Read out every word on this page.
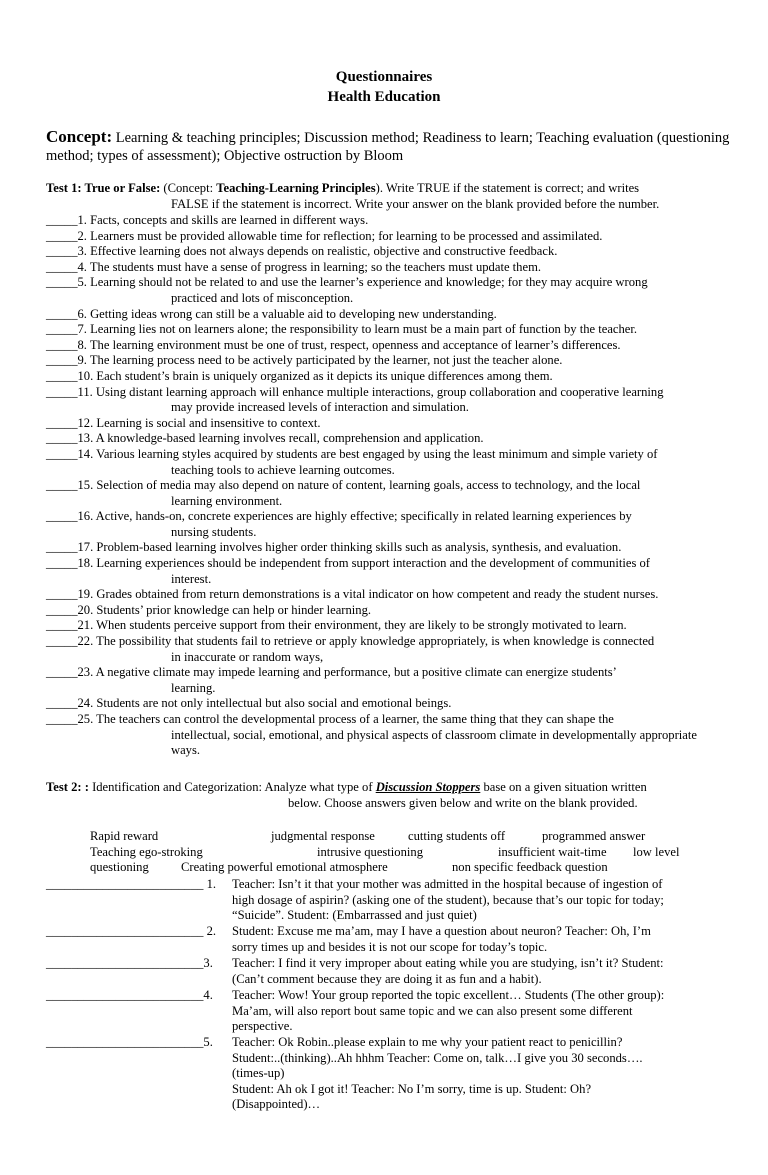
Questionnaires
Health Education
Concept: Learning & teaching principles; Discussion method; Readiness to learn; Teaching evaluation (questioning method; types of assessment); Objective ostruction by Bloom
Test 1: True or False: (Concept: Teaching-Learning Principles). Write TRUE if the statement is correct; and writes
FALSE if the statement is incorrect. Write your answer on the blank provided before the number.
_____1. Facts, concepts and skills are learned in different ways.
_____2. Learners must be provided allowable time for reflection; for learning to be processed and assimilated.
_____3. Effective learning does not always depends on realistic, objective and constructive feedback.
_____4. The students must have a sense of progress in learning; so the teachers must update them.
_____5. Learning should not be related to and use the learner’s experience and knowledge; for they may acquire wrong
practiced and lots of misconception.
_____6. Getting ideas wrong can still be a valuable aid to developing new understanding.
_____7. Learning lies not on learners alone; the responsibility to learn must be a main part of function by the teacher.
_____8. The learning environment must be one of trust, respect, openness and acceptance of learner’s differences.
_____9. The learning process need to be actively participated by the learner, not just the teacher alone.
_____10. Each student’s brain is uniquely organized as it depicts its unique differences among them.
_____11. Using distant learning approach will enhance multiple interactions, group collaboration and cooperative learning
may provide increased levels of interaction and simulation.
_____12. Learning is social and insensitive to context.
_____13. A knowledge-based learning involves recall, comprehension and application.
_____14. Various learning styles acquired by students are best engaged by using the least minimum and simple variety of
teaching tools to achieve learning outcomes.
_____15. Selection of media may also depend on nature of content, learning goals, access to technology, and the local
learning environment.
_____16. Active, hands-on, concrete experiences are highly effective; specifically in related learning experiences by
nursing students.
_____17. Problem-based learning involves higher order thinking skills such as analysis, synthesis, and evaluation.
_____18. Learning experiences should be independent from support interaction and the development of communities of
interest.
_____19. Grades obtained from return demonstrations is a vital indicator on how competent and ready the student nurses.
_____20. Students’ prior knowledge can help or hinder learning.
_____21. When students perceive support from their environment, they are likely to be strongly motivated to learn.
_____22. The possibility that students fail to retrieve or apply knowledge appropriately, is when knowledge is connected
in inaccurate or random ways,
_____23. A negative climate may impede learning and performance, but a positive climate can energize students’
learning.
_____24. Students are not only intellectual but also social and emotional beings.
_____25. The teachers can control the developmental process of a learner, the same thing that they can shape the
intellectual, social, emotional, and physical aspects of classroom climate in developmentally appropriate ways.
Test 2: : Identification and Categorization: Analyze what type of Discussion Stoppers base on a given situation written
below. Choose answers given below and write on the blank provided.
Rapid reward	judgmental response	cutting students off	programmed answer
Teaching ego-stroking	intrusive questioning	insufficient wait-time low level
questioning	Creating powerful emotional atmosphere	non specific feedback question
_________________________ 1. Teacher: Isn’t it that your mother was admitted in the hospital because of ingestion of
high dosage of aspirin? (asking one of the student), because that’s our topic for today;
“Suicide”. Student: (Embarrassed and just quiet)
_________________________ 2. Student: Excuse me ma’am, may I have a question about neuron? Teacher: Oh, I’m
sorry times up and besides it is not our scope for today’s topic.
_________________________3. Teacher: I find it very improper about eating while you are studying, isn’t it? Student:
(Can’t comment because they are doing it as fun and a habit).
_________________________4. Teacher: Wow! Your group reported the topic excellent… Students (The other group):
Ma’am, will also report bout same topic and we can also present some different
perspective.
_________________________5. Teacher: Ok Robin..please explain to me why your patient react to penicillin?
Student:..(thinking)..Ah hhhm Teacher: Come on, talk…I give you 30 seconds….
(times-up)
Student: Ah ok I got it! Teacher: No I’m sorry, time is up. Student: Oh?
(Disappointed)…
